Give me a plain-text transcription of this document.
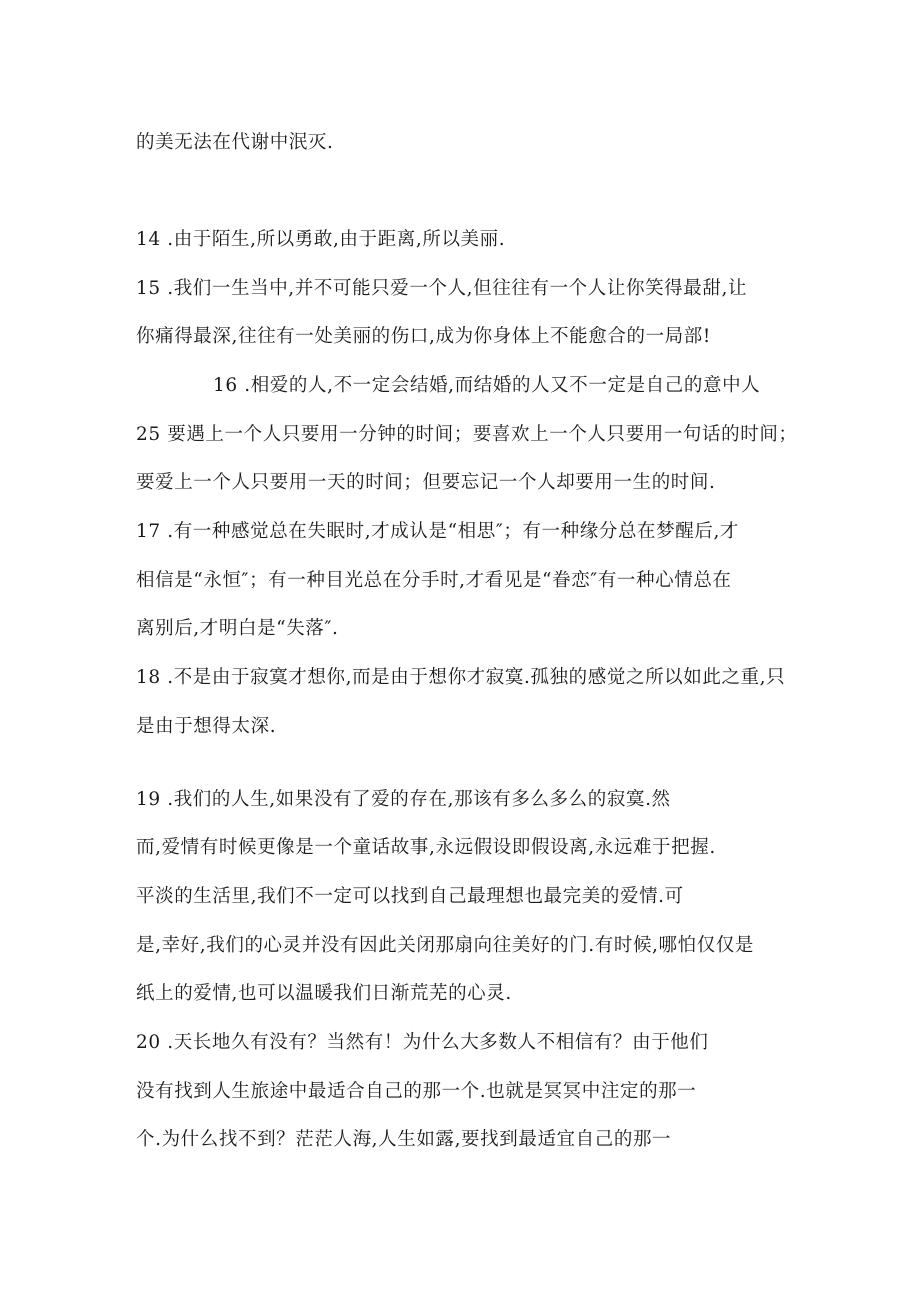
的美无法在代谢中泯灭.
14 .由于陌生,所以勇敢,由于距离,所以美丽.
15 .我们一生当中,并不可能只爱一个人,但往往有一个人让你笑得最甜,让
你痛得最深,往往有一处美丽的伤口,成为你身体上不能愈合的一局部!
16 .相爱的人,不一定会结婚,而结婚的人又不一定是自己的意中人
25 要遇上一个人只要用一分钟的时间；要喜欢上一个人只要用一句话的时间；
要爱上一个人只要用一天的时间；但要忘记一个人却要用一生的时间.
17 .有一种感觉总在失眠时,才成认是“相思″；有一种缘分总在梦醒后,才
相信是“永恒″；有一种目光总在分手时,才看见是“眷恋″有一种心情总在
离别后,才明白是“失落″.
18 .不是由于寂寞才想你,而是由于想你才寂寞.孤独的感觉之所以如此之重,只
是由于想得太深.
19 .我们的人生,如果没有了爱的存在,那该有多么多么的寂寞.然
而,爱情有时候更像是一个童话故事,永远假设即假设离,永远难于把握.
平淡的生活里,我们不一定可以找到自己最理想也最完美的爱情.可
是,幸好,我们的心灵并没有因此关闭那扇向往美好的门.有时候,哪怕仅仅是
纸上的爱情,也可以温暖我们日渐荒芜的心灵.
20 .天长地久有没有？当然有！为什么大多数人不相信有？由于他们
没有找到人生旅途中最适合自己的那一个.也就是冥冥中注定的那一
个.为什么找不到？茫茫人海,人生如露,要找到最适宜自己的那一
